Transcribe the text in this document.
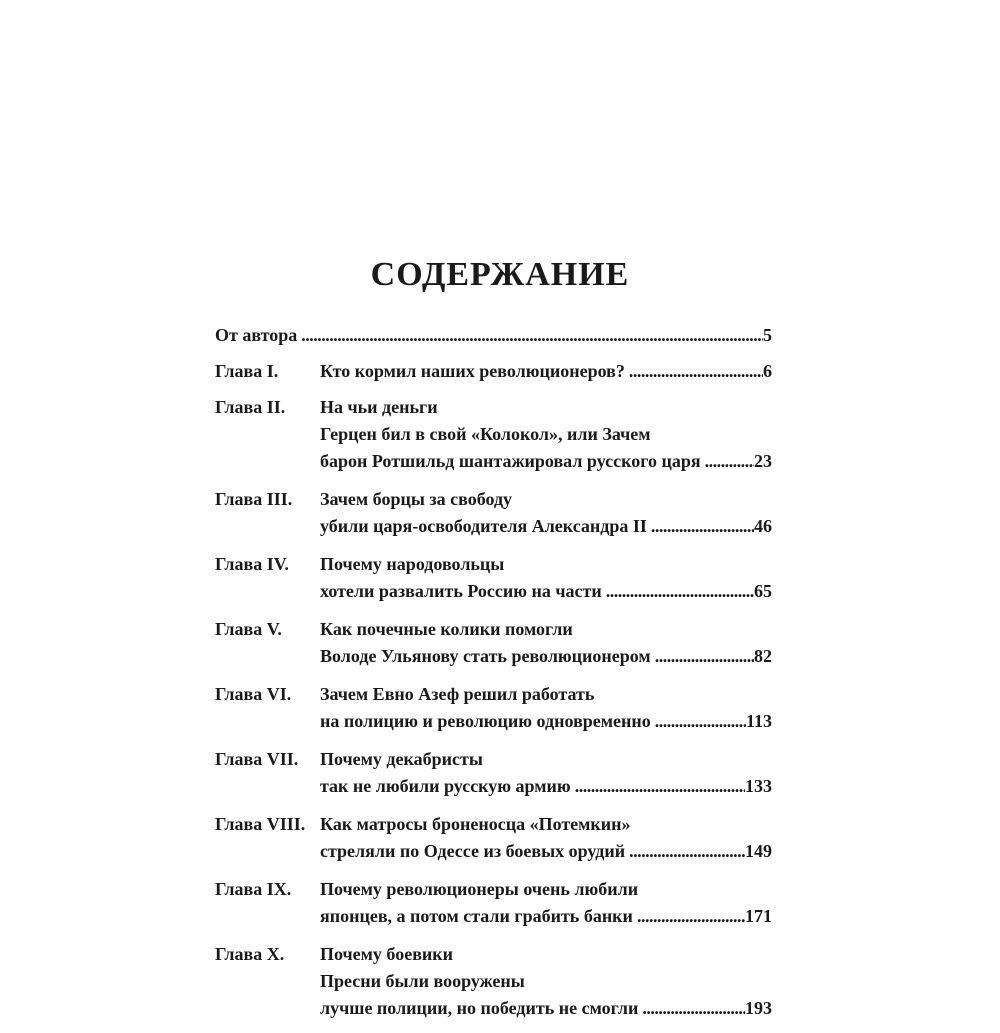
СОДЕРЖАНИЕ
От автора . . .	5
Глава I.	Кто кормил наших революционеров? . . .	6
Глава II.	На чьи деньги
Герцен бил в свой «Колокол», или Зачем
барон Ротшильд шантажировал русского царя . . .	23
Глава III.	Зачем борцы за свободу
убили царя-освободителя Александра II . . .	46
Глава IV.	Почему народовольцы
хотели развалить Россию на части . . .	65
Глава V.	Как почечные колики помогли
Володе Ульянову стать революционером . . .	82
Глава VI.	Зачем Евно Азеф решил работать
на полицию и революцию одновременно . . .	113
Глава VII.	Почему декабристы
так не любили русскую армию . . .	133
Глава VIII. Как матросы броненосца «Потемкин»
стреляли по Одессе из боевых орудий . . .	149
Глава IX.	Почему революционеры очень любили
японцев, а потом стали грабить банки . . .	171
Глава X.	Почему боевики
Пресни были вооружены
лучше полиции, но победить не смогли . . .	193
